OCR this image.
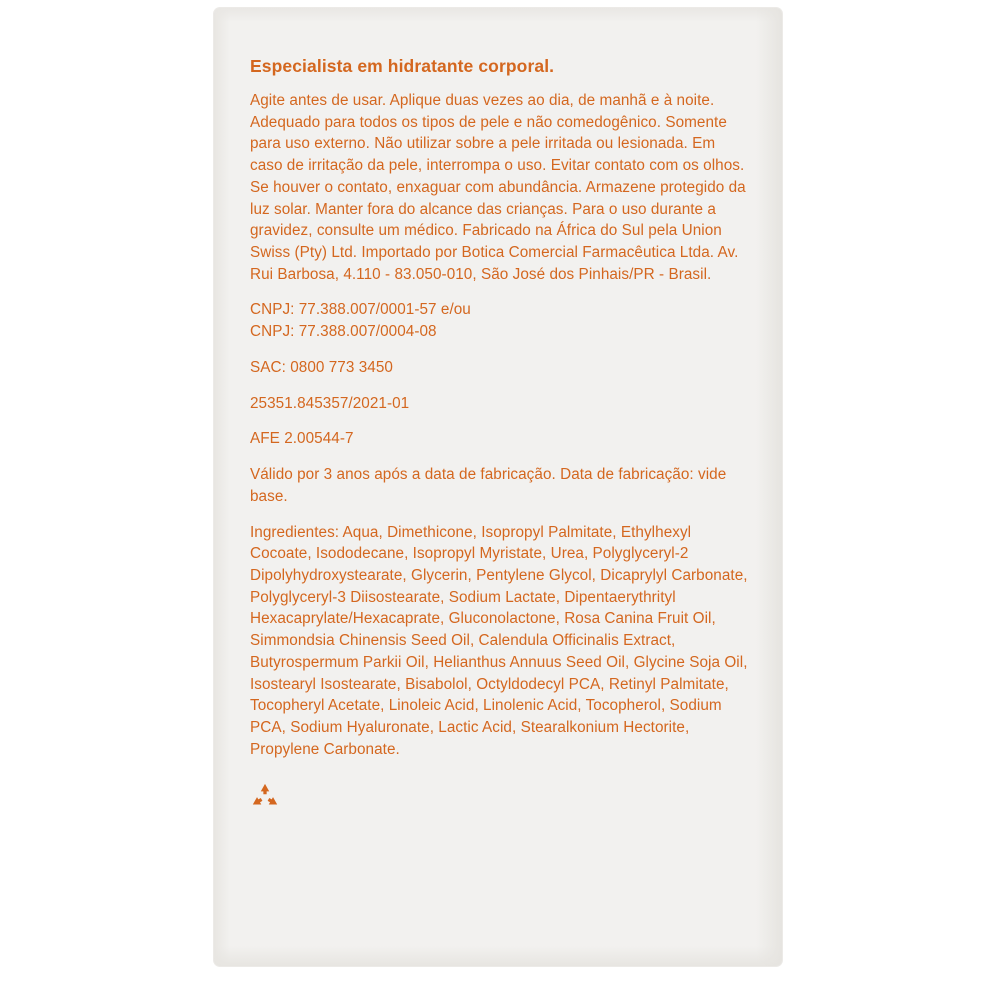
Especialista em hidratante corporal.

Agite antes de usar. Aplique duas vezes ao dia, de manhã e à noite. Adequado para todos os tipos de pele e não comedogênico. Somente para uso externo. Não utilizar sobre a pele irritada ou lesionada. Em caso de irritação da pele, interrompa o uso. Evitar contato com os olhos. Se houver o contato, enxaguar com abundância. Armazene protegido da luz solar. Manter fora do alcance das crianças. Para o uso durante a gravidez, consulte um médico. Fabricado na África do Sul pela Union Swiss (Pty) Ltd. Importado por Botica Comercial Farmacêutica Ltda. Av. Rui Barbosa, 4.110 - 83.050-010, São José dos Pinhais/PR - Brasil.

CNPJ: 77.388.007/0001-57 e/ou
CNPJ: 77.388.007/0004-08

SAC: 0800 773 3450

25351.845357/2021-01

AFE 2.00544-7

Válido por 3 anos após a data de fabricação. Data de fabricação: vide base.

Ingredientes: Aqua, Dimethicone, Isopropyl Palmitate, Ethylhexyl Cocoate, Isododecane, Isopropyl Myristate, Urea, Polyglyceryl-2 Dipolyhydroxystearate, Glycerin, Pentylene Glycol, Dicaprylyl Carbonate, Polyglyceryl-3 Diisostearate, Sodium Lactate, Dipentaerythrityl Hexacaprylate/Hexacaprate, Gluconolactone, Rosa Canina Fruit Oil, Simmondsia Chinensis Seed Oil, Calendula Officinalis Extract, Butyrospermum Parkii Oil, Helianthus Annuus Seed Oil, Glycine Soja Oil, Isostearyl Isostearate, Bisabolol, Octyldodecyl PCA, Retinyl Palmitate, Tocopheryl Acetate, Linoleic Acid, Linolenic Acid, Tocopherol, Sodium PCA, Sodium Hyaluronate, Lactic Acid, Stearalkonium Hectorite, Propylene Carbonate.
